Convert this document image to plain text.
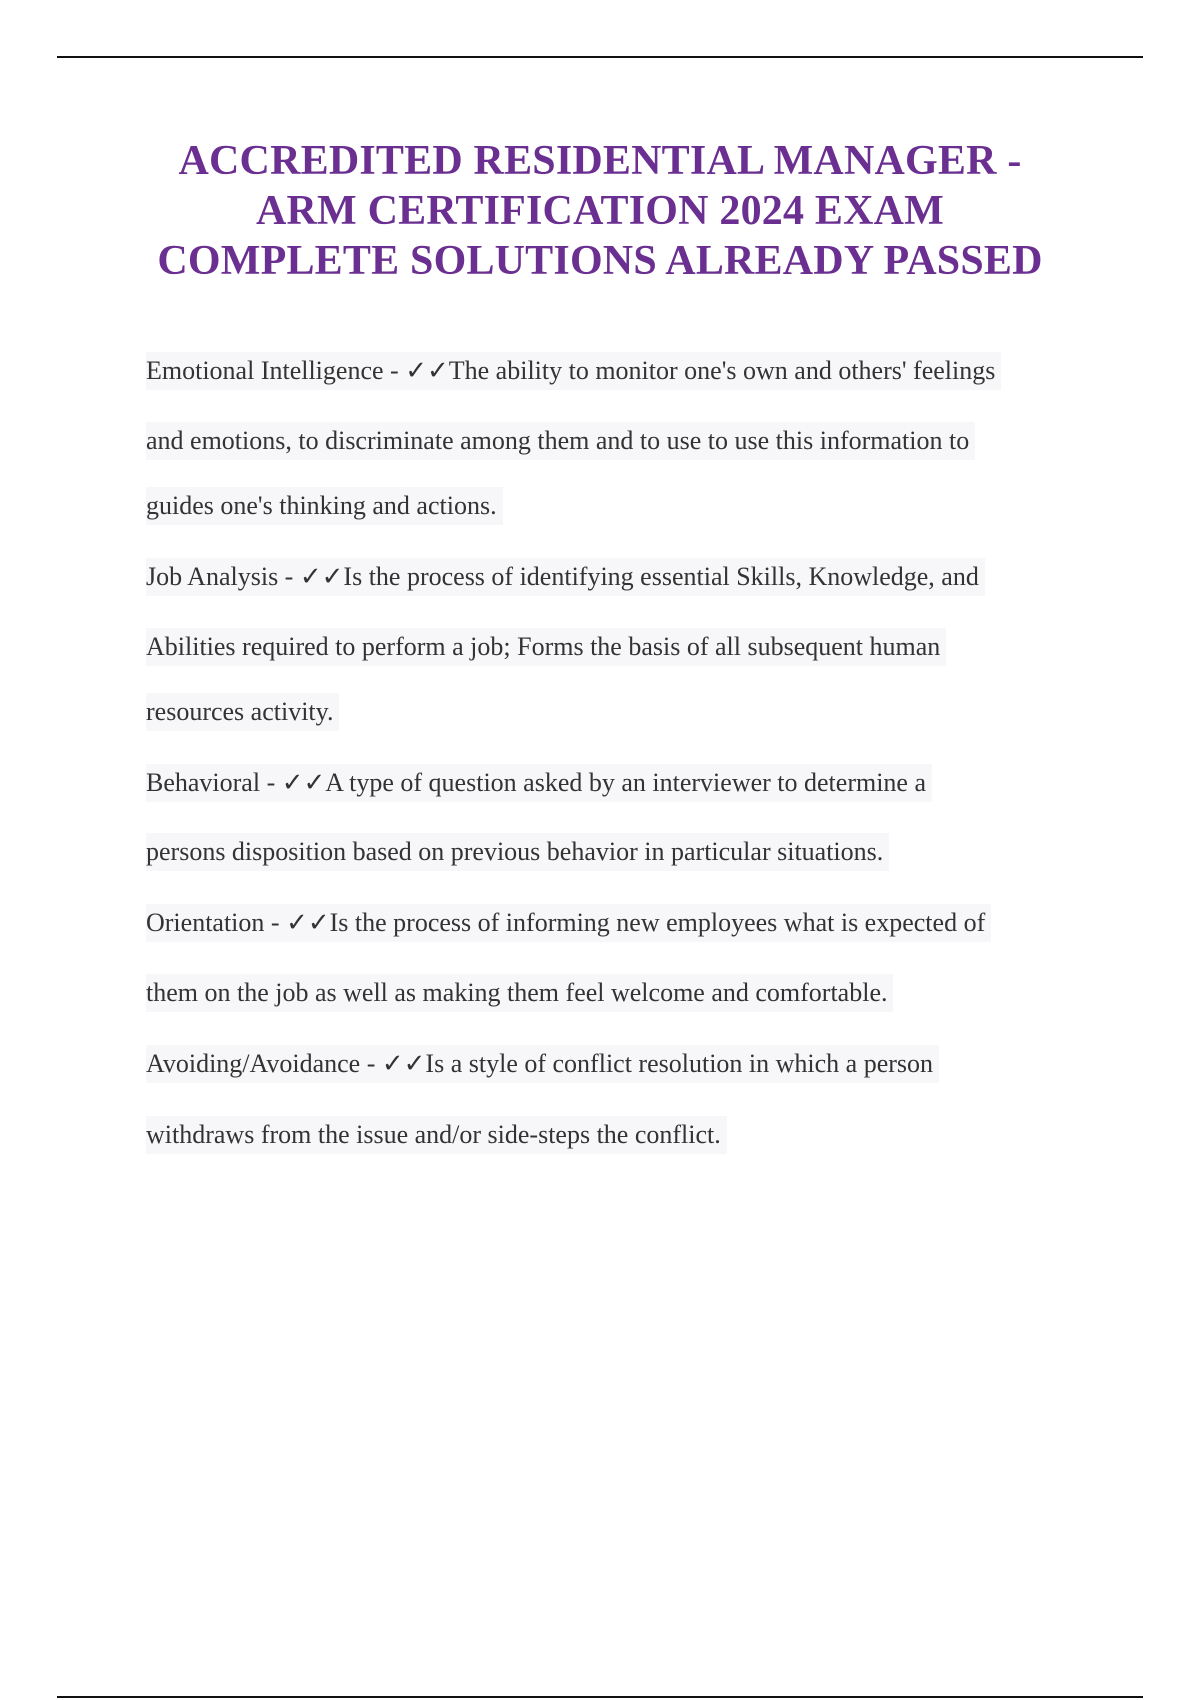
ACCREDITED RESIDENTIAL MANAGER -
ARM CERTIFICATION 2024 EXAM
COMPLETE SOLUTIONS ALREADY PASSED
Emotional Intelligence - ✓✓The ability to monitor one's own and others' feelings
and emotions, to discriminate among them and to use to use this information to
guides one's thinking and actions.
Job Analysis - ✓✓Is the process of identifying essential Skills, Knowledge, and
Abilities required to perform a job; Forms the basis of all subsequent human
resources activity.
Behavioral - ✓✓A type of question asked by an interviewer to determine a
persons disposition based on previous behavior in particular situations.
Orientation - ✓✓Is the process of informing new employees what is expected of
them on the job as well as making them feel welcome and comfortable.
Avoiding/Avoidance - ✓✓Is a style of conflict resolution in which a person
withdraws from the issue and/or side-steps the conflict.
